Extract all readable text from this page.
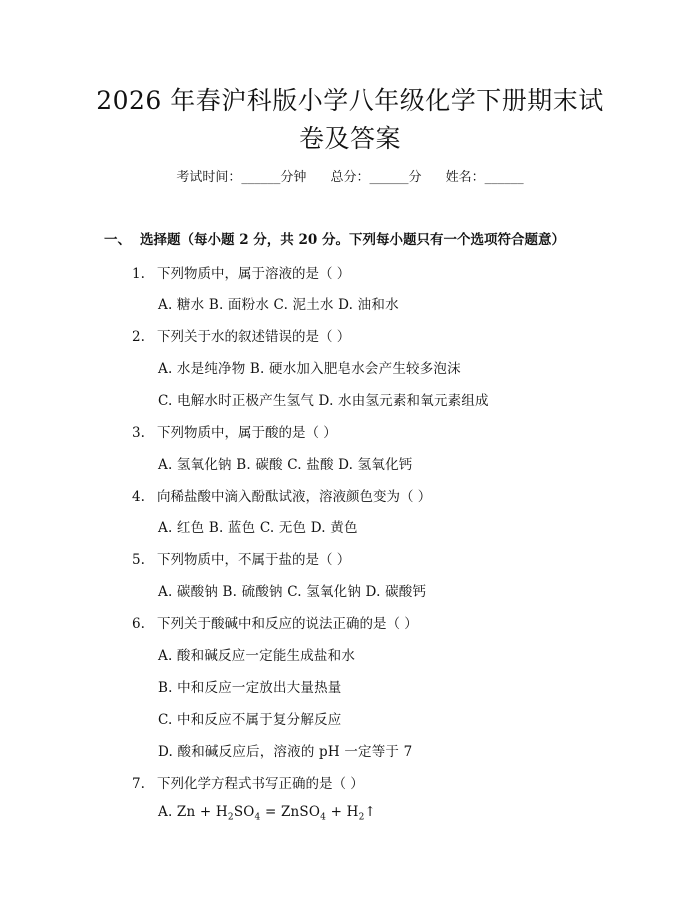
2026 年春沪科版小学八年级化学下册期末试
卷及答案
考试时间：______分钟 总分：______分 姓名：______
一、 选择题（每小题 2 分，共 20 分。下列每小题只有一个选项符合题意）
1. 下列物质中，属于溶液的是（ ）
A. 糖水 B. 面粉水 C. 泥土水 D. 油和水
2. 下列关于水的叙述错误的是（ ）
A. 水是纯净物 B. 硬水加入肥皂水会产生较多泡沫
C. 电解水时正极产生氢气 D. 水由氢元素和氧元素组成
3. 下列物质中，属于酸的是（ ）
A. 氢氧化钠 B. 碳酸 C. 盐酸 D. 氢氧化钙
4. 向稀盐酸中滴入酚酞试液，溶液颜色变为（ ）
A. 红色 B. 蓝色 C. 无色 D. 黄色
5. 下列物质中，不属于盐的是（ ）
A. 碳酸钠 B. 硫酸钠 C. 氢氧化钠 D. 碳酸钙
6. 下列关于酸碱中和反应的说法正确的是（ ）
A. 酸和碱反应一定能生成盐和水
B. 中和反应一定放出大量热量
C. 中和反应不属于复分解反应
D. 酸和碱反应后，溶液的 pH 一定等于 7
7. 下列化学方程式书写正确的是（ ）
A. $Zn + H_2SO_4$ = ZnSO$_4$ + $H_2↑$
